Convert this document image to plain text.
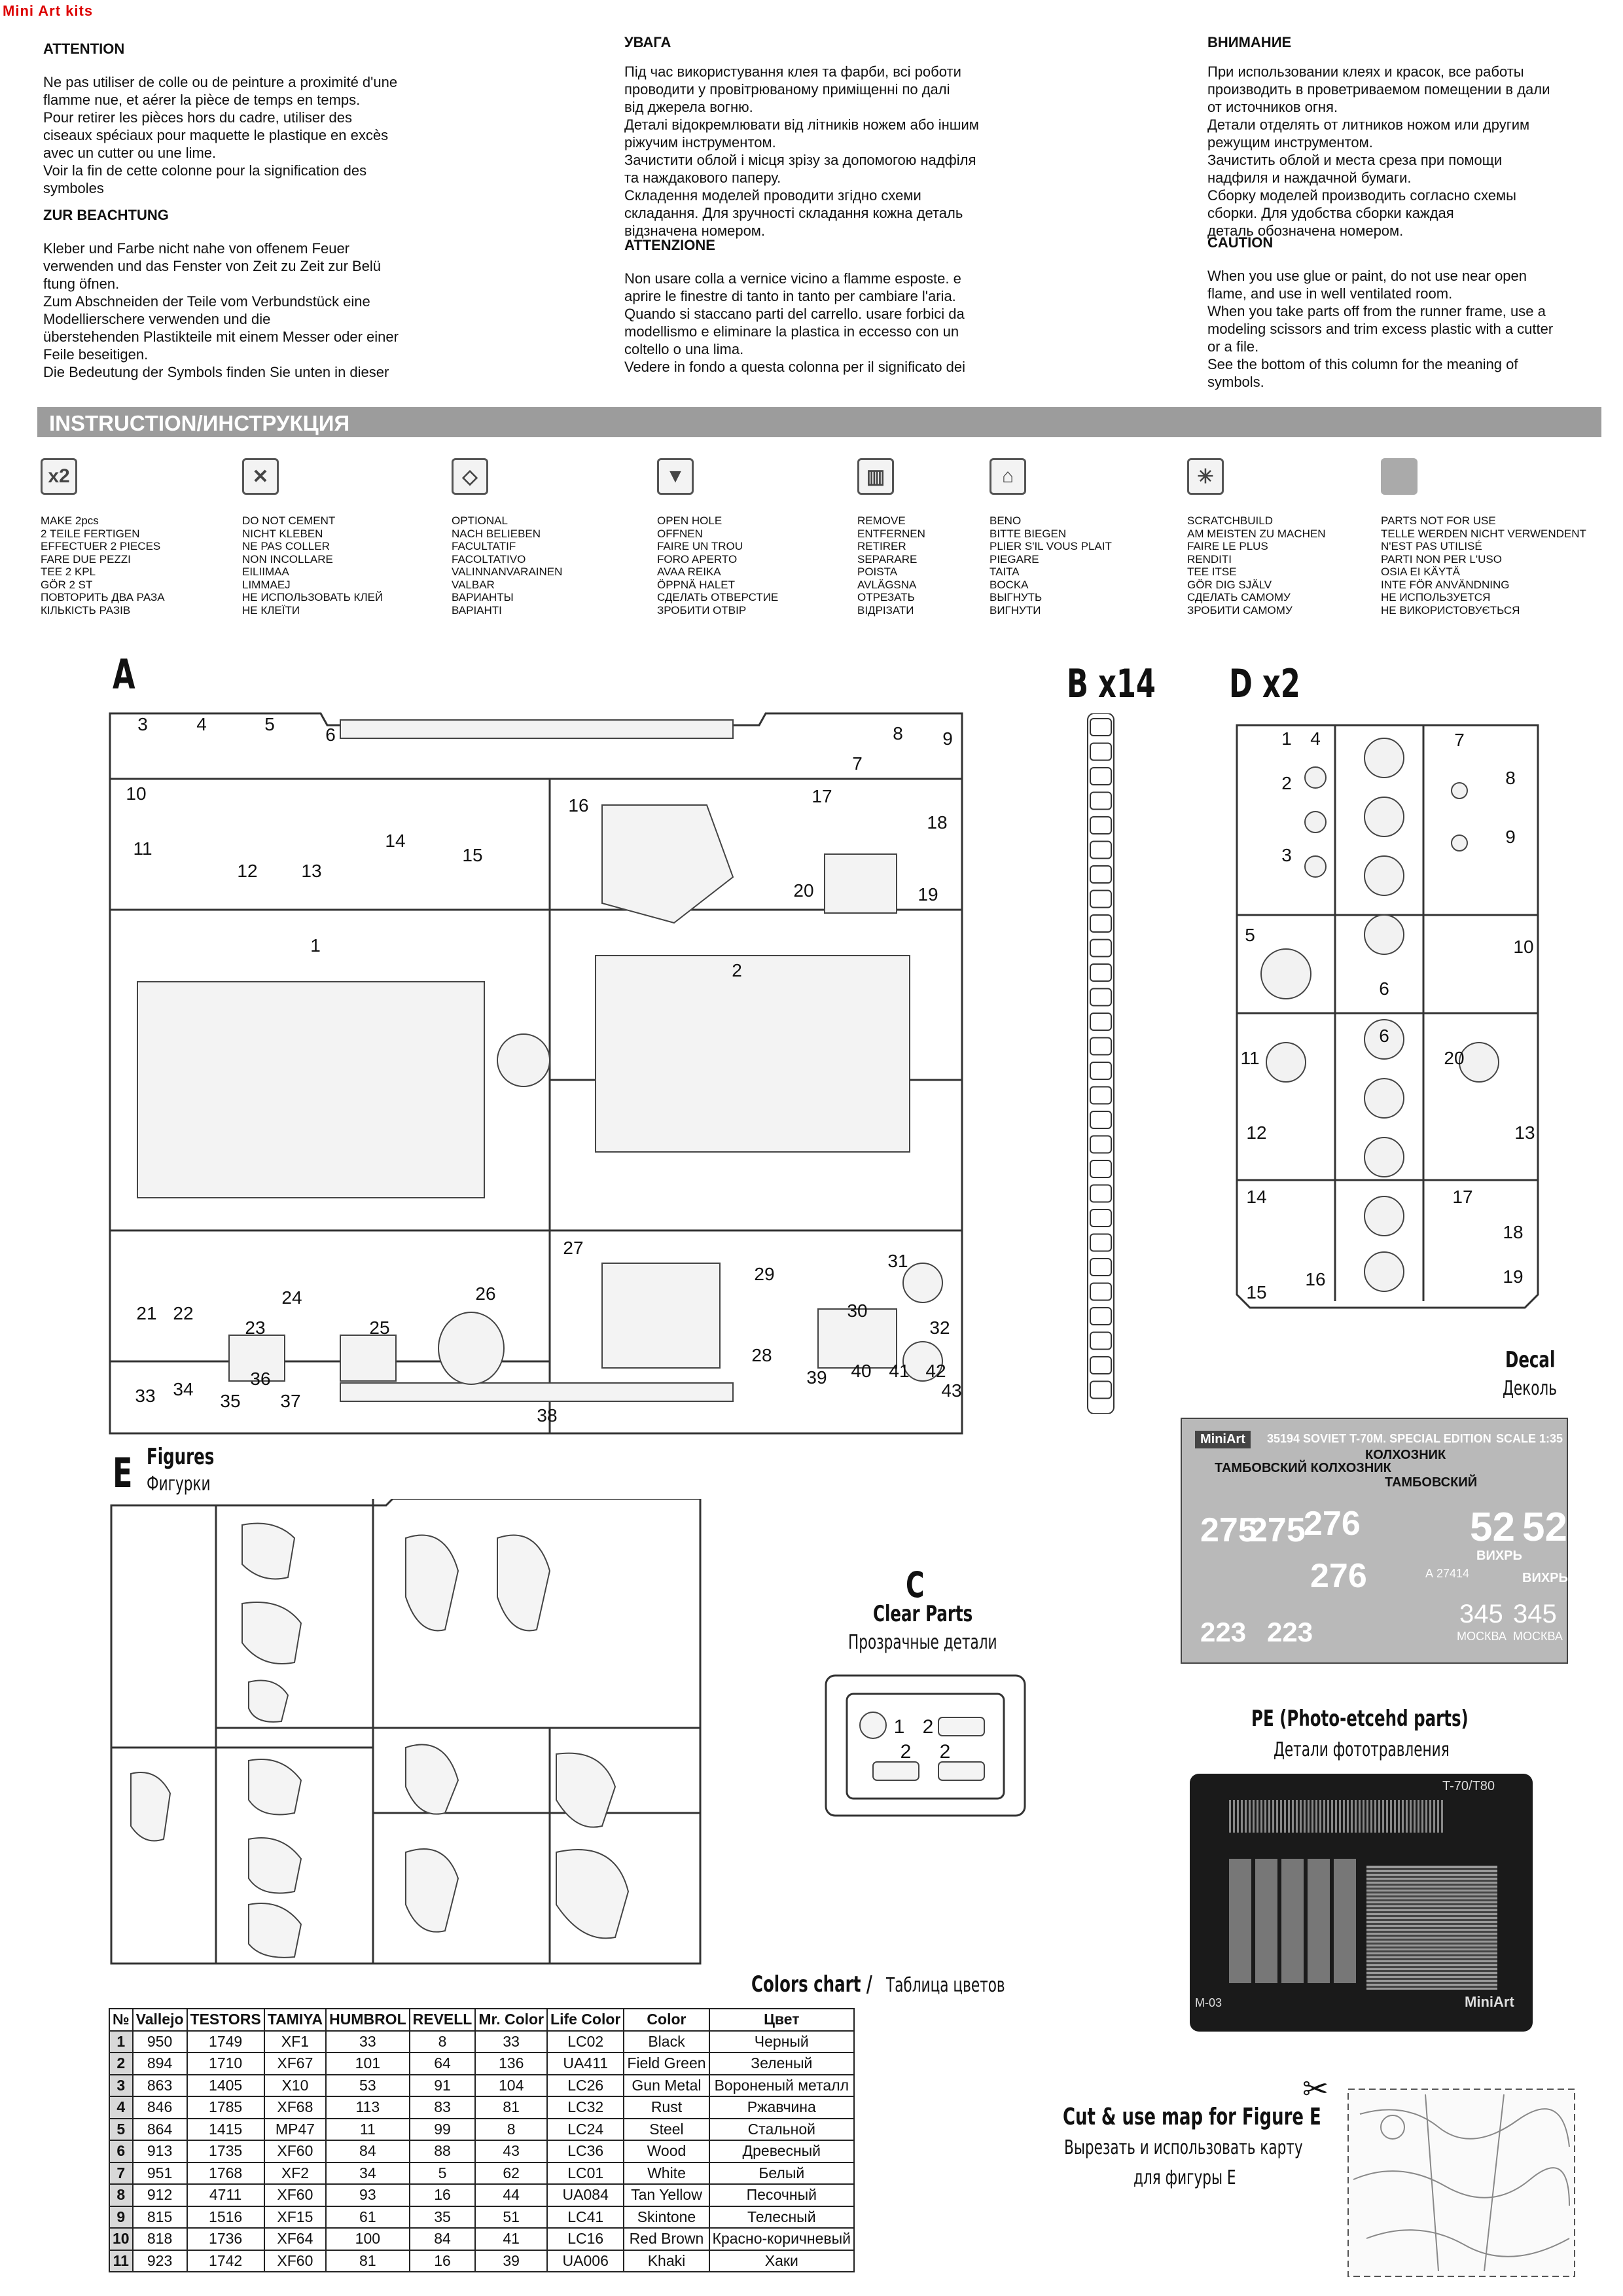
Mini Art kits
ATTENTION
Ne pas utiliser de colle ou de peinture a proximité d'une
flamme nue, et aérer la pièce de temps en temps.
Pour retirer les pièces hors du cadre, utiliser des
ciseaux spéciaux pour maquette le plastique en excès
avec un cutter ou une lime.
Voir la fin de cette colonne pour la signification des
symboles
ZUR BEACHTUNG
Kleber und Farbe nicht nahe von offenem Feuer
verwenden und das Fenster von Zeit zu Zeit zur Belü
ftung öfnen.
Zum Abschneiden der Teile vom Verbundstück eine
Modellierschere verwenden und die
überstehenden Plastikteile mit einem Messer oder einer
Feile beseitigen.
Die Bedeutung der Symbols finden Sie unten in dieser
УВАГА
Під час використування клея та фарби, всі роботи
проводити у провітрюваному приміщенні по далі
від джерела вогню.
Деталі відокремлювати від літників ножем або іншим
ріжучим інструментом.
Зачистити облой і місця зрізу за допомогою надфіля
та наждакового паперу.
Складення моделей проводити згідно схеми
складання. Для зручності складання кожна деталь
відзначена номером.
ATTENZIONE
Non usare colla a vernice vicino a flamme esposte. e
aprire le finestre di tanto in tanto per cambiare l'aria.
Quando si staccano parti del carrello. usare forbici da
modellismo e eliminare la plastica in eccesso con un
coltello o una lima.
Vedere in fondo a questa colonna per il significato dei
ВНИМАНИЕ
При использовании клеях и красок, все работы
производить в проветриваемом помещении в дали
от источников огня.
Детали отделять от литников ножом или другим
режущим инструментом.
Зачистить облой и места среза при помощи
надфиля и наждачной бумаги.
Сборку моделей производить согласно схемы
сборки. Для удобства сборки каждая
деталь обозначена номером.
CAUTION
When you use glue or paint, do not use near open
flame, and use in well ventilated room.
When you take parts off from the runner frame, use a
modeling scissors and trim excess plastic with a cutter
or a file.
See the bottom of this column for the meaning of
symbols.
INSTRUCTION/ИНСТРУКЦИЯ
x2
MAKE 2pcs
2 TEILE FERTIGEN
EFFECTUER 2 PIECES
FARE DUE PEZZI
TEE 2 KPL
GÖR 2 ST
ПОВТОРИТЬ ДВА РАЗА
КІЛЬКІСТЬ РАЗІВ
✕
DO NOT CEMENT
NICHT KLEBEN
NE PAS COLLER
NON INCOLLARE
EILIIMAA
LIMMAEJ
НЕ ИСПОЛЬЗОВАТЬ КЛЕЙ
НЕ КЛЕЇТИ
◇
OPTIONAL
NACH BELIEBEN
FACULTATIF
FACOLTATIVO
VALINNANVARAINEN
VALBAR
ВАРИАНТЫ
ВАРІАНТІ
▼
OPEN HOLE
OFFNEN
FAIRE UN TROU
FORO APERTO
AVAA REIKA
ÖPPNÄ HALET
СДЕЛАТЬ ОТВЕРСТИЕ
ЗРОБИТИ ОТВІР
▥
REMOVE
ENTFERNEN
RETIRER
SEPARARE
POISTA
AVLÄGSNA
ОТРЕЗАТЬ
ВІДРІЗАТИ
⌂
BENO
BITTE BIEGEN
PLIER S'IL VOUS PLAIT
PIEGARE
TAITA
BOCKA
ВЫГНУТЬ
ВИГНУТИ
✳
SCRATCHBUILD
AM MEISTEN ZU MACHEN
FAIRE LE PLUS
RENDITI
TEE ITSE
GÖR DIG SJÄLV
СДЕЛАТЬ САМОМУ
ЗРОБИТИ САМОМУ
PARTS NOT FOR USE
TELLE WERDEN NICHT VERWENDENT
N'EST PAS UTILISÉ
PARTI NON PER L'USO
OSIA EI KÄYTÄ
INTE FÖR ANVÄNDNING
НЕ ИСПОЛЬЗУЕТСЯ
НЕ ВИКОРИСТОВУЄТЬСЯ
A
3	4	5
6	8 9
7
10
11
12 13
14
15
16	17
18
19
20
1
2
27
29
31
30
32
28
24	26
21 22
23	25
33 34
35
36
37
38
39 40 41 42
43
B x14 D x2
1 4
2
3
5
6
7
8
9
10
11
6
12	13
14
15
16
17
18
19
20
Decal
Деколь
MiniArt	35194 SOVIET T-70M. SPECIAL EDITION SCALE 1:35
ТАМБОВСКИЙ КОЛХОЗНИК
КОЛХОЗНИК
ТАМБОВСКИЙ
275
275
276
276
52 52
ВИХРЬ
ВИХРЬ
223 223
345 345
МОСКВА МОСКВА
А 27414
E Figures
Фигурки
C
Clear Parts
Прозрачные детали
1 2
2 2
PE (Photo-etcehd parts)
Детали фототравления
T-70/T80
M-03	MiniArt
Colors chart / Таблица цветов
№	Vallejo	TESTORS	TAMIYA	HUMBROL	REVELL	Mr. Color	Life Color	Color	Цвет
1	950	1749	XF1	33	8	33	LC02	Black	Черный
2	894	1710	XF67	101	64	136	UA411	Field Green	Зеленый
3	863	1405	X10	53	91	104	LC26	Gun Metal	Вороненый металл
4	846	1785	XF68	113	83	81	LC32	Rust	Ржавчина
5	864	1415	MP47	11	99	8	LC24	Steel	Стальной
6	913	1735	XF60	84	88	43	LC36	Wood	Древесный
7	951	1768	XF2	34	5	62	LC01	White	Белый
8	912	4711	XF60	93	16	44	UA084	Tan Yellow	Песочный
9	815	1516	XF15	61	35	51	LC41	Skintone	Телесный
10	818	1736	XF64	100	84	41	LC16	Red Brown	Красно-коричневый
11	923	1742	XF60	81	16	39	UA006	Khaki	Хаки
Cut & use map for Figure E
Вырезать и использовать карту
для фигуры E
✂
